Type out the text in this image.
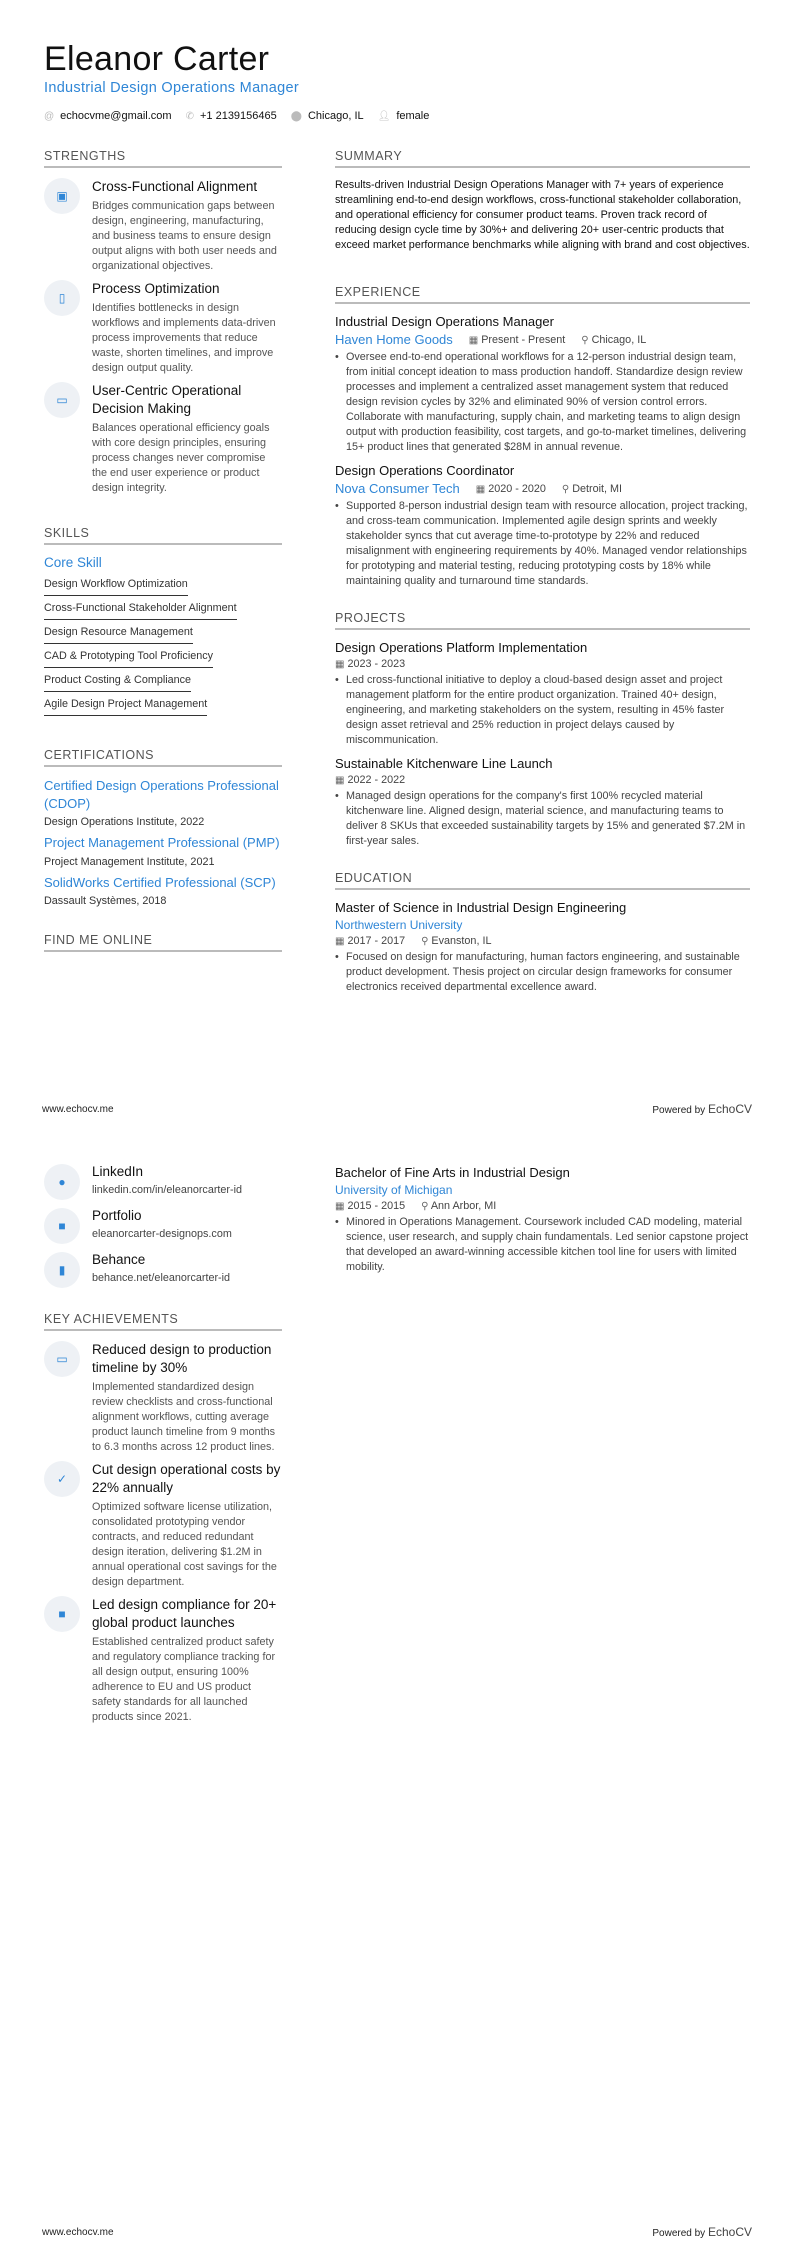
Eleanor Carter
Industrial Design Operations Manager
@ echocvme@gmail.com ✆ +1 2139156465 ⬤ Chicago, IL 👤︎ female
STRENGTHS
▣
Cross-Functional Alignment
Bridges communication gaps between design, engineering, manufacturing, and business teams to ensure design output aligns with both user needs and organizational objectives.
▯
Process Optimization
Identifies bottlenecks in design workflows and implements data-driven process improvements that reduce waste, shorten timelines, and improve design output quality.
▭
User-Centric Operational Decision Making
Balances operational efficiency goals with core design principles, ensuring process changes never compromise the end user experience or product design integrity.
SKILLS
Core Skill
Design Workflow Optimization
Cross-Functional Stakeholder Alignment
Design Resource Management
CAD & Prototyping Tool Proficiency
Product Costing & Compliance
Agile Design Project Management
CERTIFICATIONS
Certified Design Operations Professional (CDOP)
Design Operations Institute, 2022
Project Management Professional (PMP)
Project Management Institute, 2021
SolidWorks Certified Professional (SCP)
Dassault Systèmes, 2018
FIND ME ONLINE
SUMMARY
Results-driven Industrial Design Operations Manager with 7+ years of experience streamlining end-to-end design workflows, cross-functional stakeholder collaboration, and operational efficiency for consumer product teams. Proven track record of reducing design cycle time by 30%+ and delivering 20+ user-centric products that exceed market performance benchmarks while aligning with brand and cost objectives.
EXPERIENCE
Industrial Design Operations Manager
Haven Home Goods ▦ Present - Present ⚲ Chicago, IL
• Oversee end-to-end operational workflows for a 12-person industrial design team, from initial concept ideation to mass production handoff. Standardize design review processes and implement a centralized asset management system that reduced design revision cycles by 32% and eliminated 90% of version control errors. Collaborate with manufacturing, supply chain, and marketing teams to align design output with production feasibility, cost targets, and go-to-market timelines, delivering 15+ product lines that generated $28M in annual revenue.
Design Operations Coordinator
Nova Consumer Tech ▦ 2020 - 2020 ⚲ Detroit, MI
• Supported 8-person industrial design team with resource allocation, project tracking, and cross-team communication. Implemented agile design sprints and weekly stakeholder syncs that cut average time-to-prototype by 22% and reduced misalignment with engineering requirements by 40%. Managed vendor relationships for prototyping and material testing, reducing prototyping costs by 18% while maintaining quality and turnaround time standards.
PROJECTS
Design Operations Platform Implementation
▦ 2023 - 2023
• Led cross-functional initiative to deploy a cloud-based design asset and project management platform for the entire product organization. Trained 40+ design, engineering, and marketing stakeholders on the system, resulting in 45% faster design asset retrieval and 25% reduction in project delays caused by miscommunication.
Sustainable Kitchenware Line Launch
▦ 2022 - 2022
• Managed design operations for the company's first 100% recycled material kitchenware line. Aligned design, material science, and manufacturing teams to deliver 8 SKUs that exceeded sustainability targets by 15% and generated $7.2M in first-year sales.
EDUCATION
Master of Science in Industrial Design Engineering
Northwestern University
▦ 2017 - 2017 ⚲ Evanston, IL
• Focused on design for manufacturing, human factors engineering, and sustainable product development. Thesis project on circular design frameworks for consumer electronics received departmental excellence award.
www.echocv.me	Powered by EchoCV
●
LinkedIn
linkedin.com/in/eleanorcarter-id
■
Portfolio
eleanorcarter-designops.com
▮
Behance
behance.net/eleanorcarter-id
KEY ACHIEVEMENTS
▭
Reduced design to production timeline by 30%
Implemented standardized design review checklists and cross-functional alignment workflows, cutting average product launch timeline from 9 months to 6.3 months across 12 product lines.
✓
Cut design operational costs by 22% annually
Optimized software license utilization, consolidated prototyping vendor contracts, and reduced redundant design iteration, delivering $1.2M in annual operational cost savings for the design department.
■
Led design compliance for 20+ global product launches
Established centralized product safety and regulatory compliance tracking for all design output, ensuring 100% adherence to EU and US product safety standards for all launched products since 2021.
Bachelor of Fine Arts in Industrial Design
University of Michigan
▦ 2015 - 2015 ⚲ Ann Arbor, MI
• Minored in Operations Management. Coursework included CAD modeling, material science, user research, and supply chain fundamentals. Led senior capstone project that developed an award-winning accessible kitchen tool line for users with limited mobility.
www.echocv.me	Powered by EchoCV
